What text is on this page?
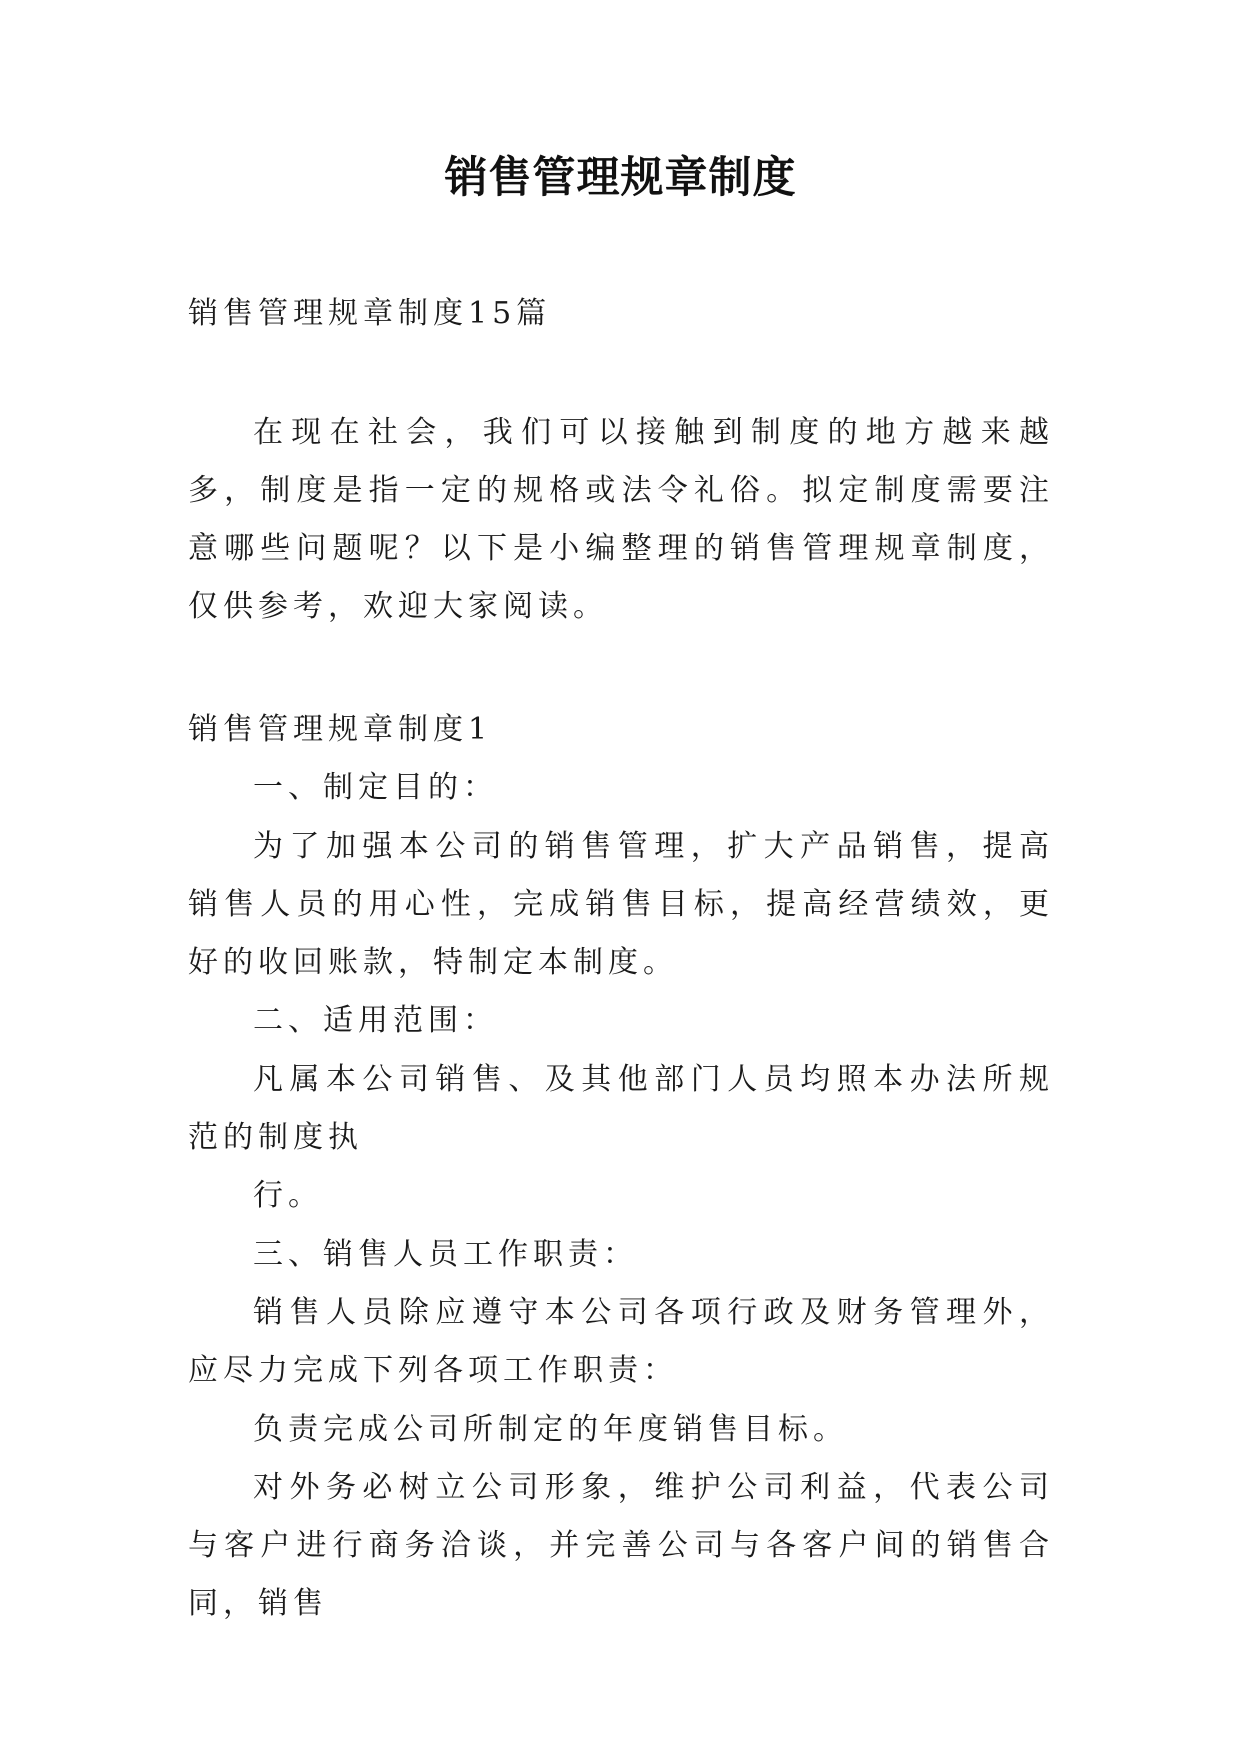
销售管理规章制度
销售管理规章制度15篇
在现在社会，我们可以接触到制度的地方越来越多，制度是指一定的规格或法令礼俗。拟定制度需要注意哪些问题呢？以下是小编整理的销售管理规章制度，仅供参考，欢迎大家阅读。

销售管理规章制度1

一、制定目的：

为了加强本公司的销售管理，扩大产品销售，提高销售人员的用心性，完成销售目标，提高经营绩效，更好的收回账款，特制定本制度。

二、适用范围：

凡属本公司销售、及其他部门人员均照本办法所规范的制度执

行。

三、销售人员工作职责：

销售人员除应遵守本公司各项行政及财务管理外，应尽力完成下列各项工作职责：

负责完成公司所制定的年度销售目标。

对外务必树立公司形象，维护公司利益，代表公司与客户进行商务洽谈，并完善公司与各客户间的销售合同，销售
